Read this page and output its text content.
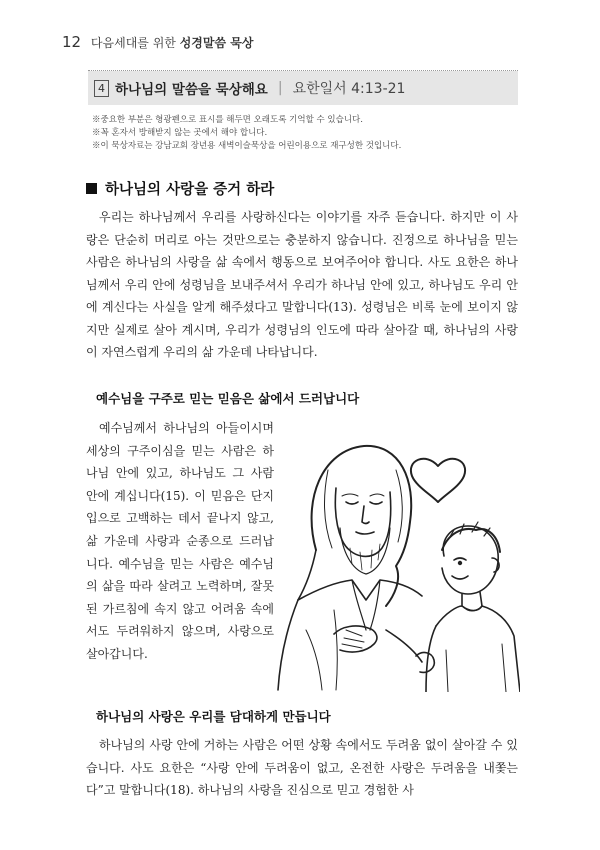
12 다음세대를 위한 성경말씀 묵상
4 하나님의 말씀을 묵상해요 | 요한일서 4:13-21
※중요한 부분은 형광펜으로 표시를 해두면 오래도록 기억할 수 있습니다.
※꼭 혼자서 방해받지 않는 곳에서 해야 합니다.
※이 묵상자료는 강남교회 장년용 새벽이슬묵상을 어린이용으로 재구성한 것입니다.
하나님의 사랑을 증거 하라

우리는 하나님께서 우리를 사랑하신다는 이야기를 자주 듣습니다. 하지만 이 사랑은 단순히 머리로 아는 것만으로는 충분하지 않습니다. 진정으로 하나님을 믿는 사람은 하나님의 사랑을 삶 속에서 행동으로 보여주어야 합니다. 사도 요한은 하나님께서 우리 안에 성령님을 보내주셔서 우리가 하나님 안에 있고, 하나님도 우리 안에 계신다는 사실을 알게 해주셨다고 말합니다(13). 성령님은 비록 눈에 보이지 않지만 실제로 살아 계시며, 우리가 성령님의 인도에 따라 살아갈 때, 하나님의 사랑이 자연스럽게 우리의 삶 가운데 나타납니다.

예수님을 구주로 믿는 믿음은 삶에서 드러납니다

예수님께서 하나님의 아들이시며 세상의 구주이심을 믿는 사람은 하나님 안에 있고, 하나님도 그 사람 안에 계십니다(15). 이 믿음은 단지 입으로 고백하는 데서 끝나지 않고, 삶 가운데 사랑과 순종으로 드러납니다. 예수님을 믿는 사람은 예수님의 삶을 따라 살려고 노력하며, 잘못된 가르침에 속지 않고 어려움 속에서도 두려워하지 않으며, 사랑으로 살아갑니다.

하나님의 사랑은 우리를 담대하게 만듭니다

하나님의 사랑 안에 거하는 사람은 어떤 상황 속에서도 두려움 없이 살아갈 수 있습니다. 사도 요한은 “사랑 안에 두려움이 없고, 온전한 사랑은 두려움을 내쫓는다”고 말합니다(18). 하나님의 사랑을 진심으로 믿고 경험한 사
